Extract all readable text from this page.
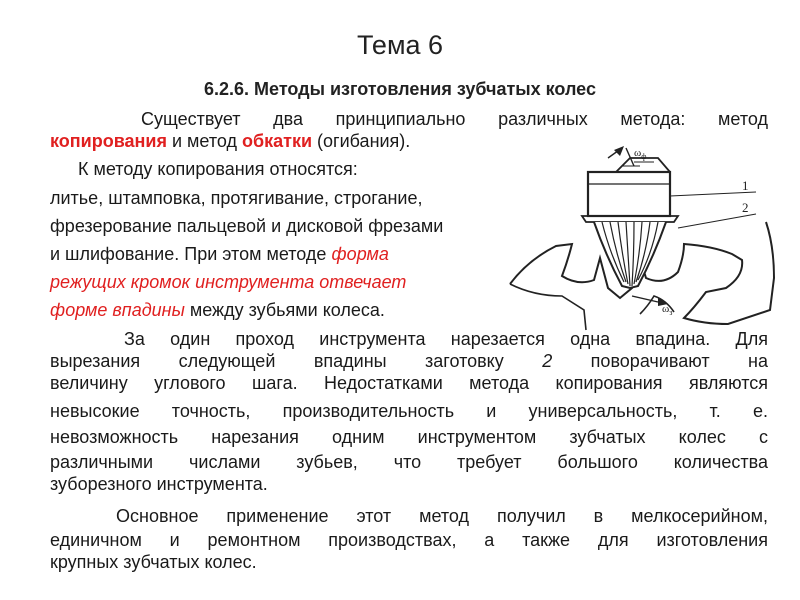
Тема 6
6.2.6. Методы изготовления зубчатых колес
Существует два принципиально различных метода: метод
копирования и метод обкатки (огибания).
К методу копирования относятся:
литье, штамповка, протягивание, строгание,
фрезерование пальцевой и дисковой фрезами
и шлифование. При этом методе форма
режущих кромок инструмента отвечает
форме впадины между зубьями колеса.
$\omega_ф$
$\omega_з$
1
2
За один проход инструмента нарезается одна впадина. Для
вырезания следующей впадины заготовку 2 поворачивают на
величину углового шага. Недостатками метода копирования являются
невысокие точность, производительность и универсальность, т. е.
невозможность нарезания одним инструментом зубчатых колес с
различными числами зубьев, что требует большого количества
зуборезного инструмента.
Основное применение этот метод получил в мелкосерийном,
единичном и ремонтном производствах, а также для изготовления
крупных зубчатых колес.
